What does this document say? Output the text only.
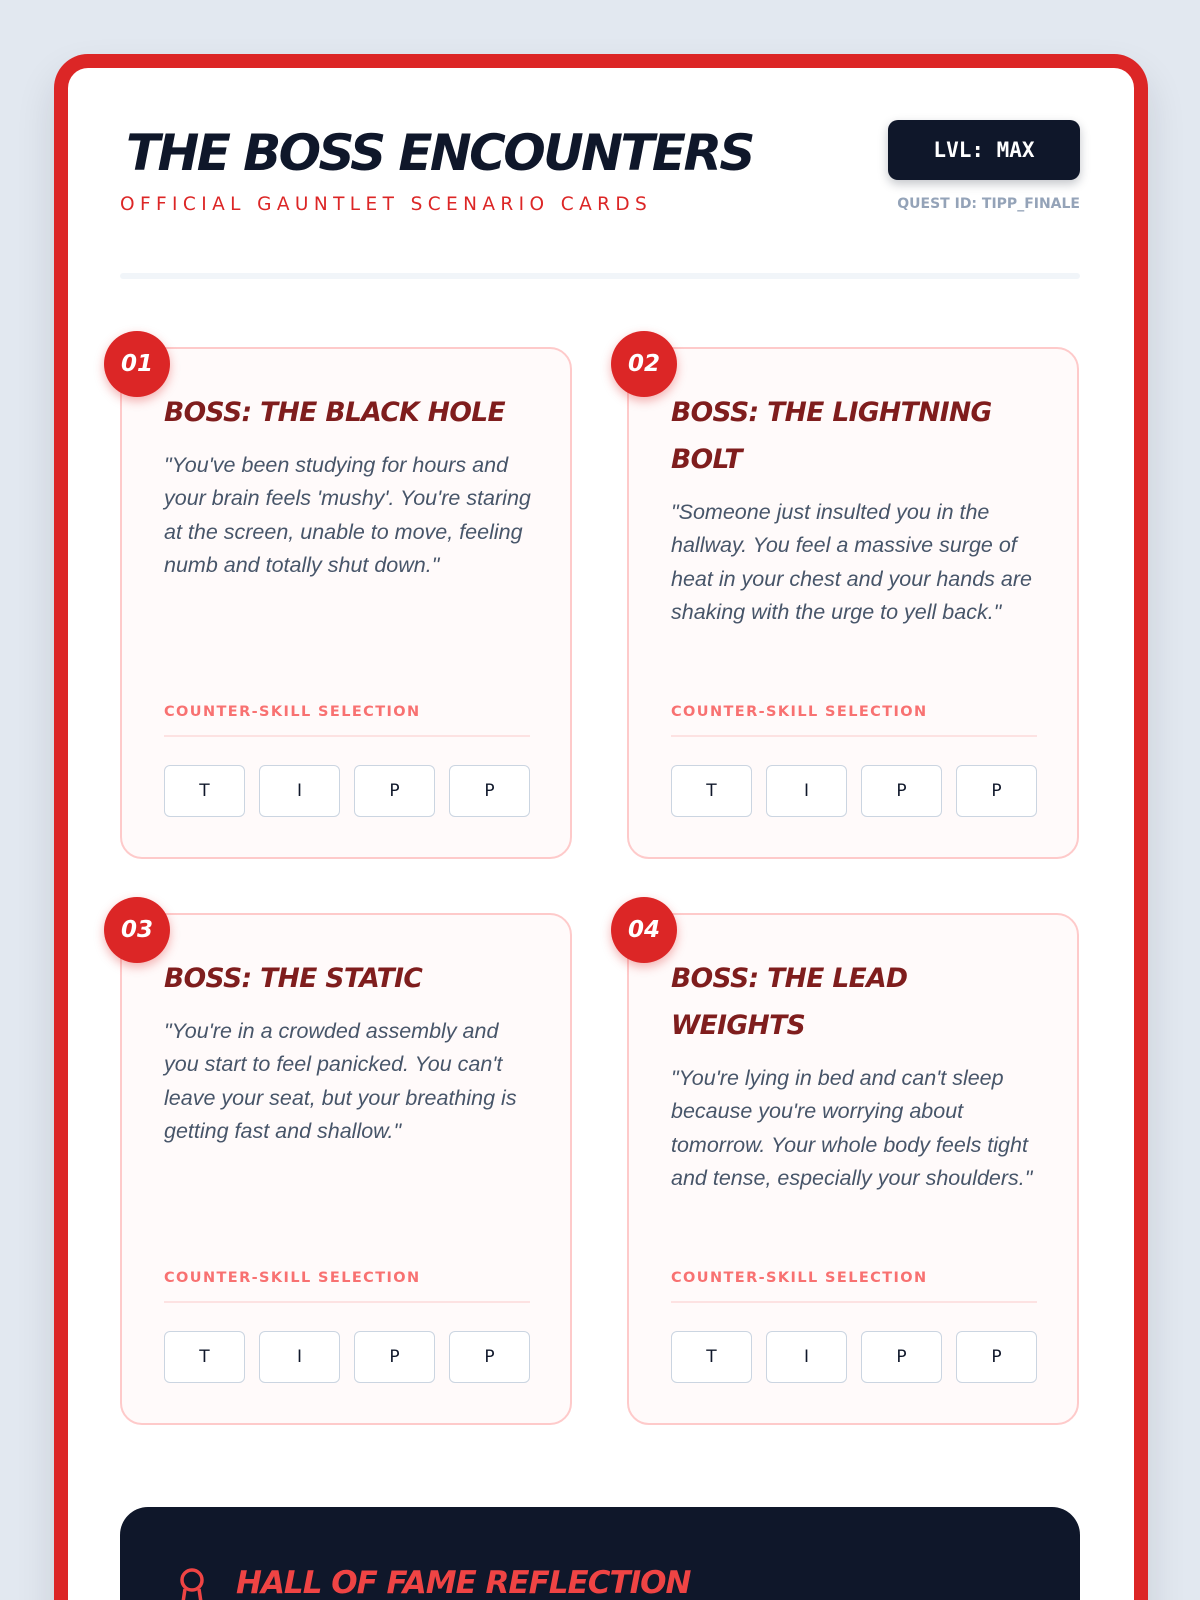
THE BOSS ENCOUNTERS
OFFICIAL GAUNTLET SCENARIO CARDS
LVL: MAX
QUEST ID: TIPP_FINALE
01
BOSS: THE BLACK HOLE

"You've been studying for hours and your brain feels 'mushy'. You're staring at the screen, unable to move, feeling numb and totally shut down."

COUNTER-SKILL SELECTION
T	I	P	P
02
BOSS: THE LIGHTNING BOLT

"Someone just insulted you in the hallway. You feel a massive surge of heat in your chest and your hands are shaking with the urge to yell back."

COUNTER-SKILL SELECTION
T	I	P	P
03
BOSS: THE STATIC

"You're in a crowded assembly and you start to feel panicked. You can't leave your seat, but your breathing is getting fast and shallow."

COUNTER-SKILL SELECTION
T	I	P	P
04
BOSS: THE LEAD WEIGHTS

"You're lying in bed and can't sleep because you're worrying about tomorrow. Your whole body feels tight and tense, especially your shoulders."

COUNTER-SKILL SELECTION
T	I	P	P
HALL OF FAME REFLECTION
